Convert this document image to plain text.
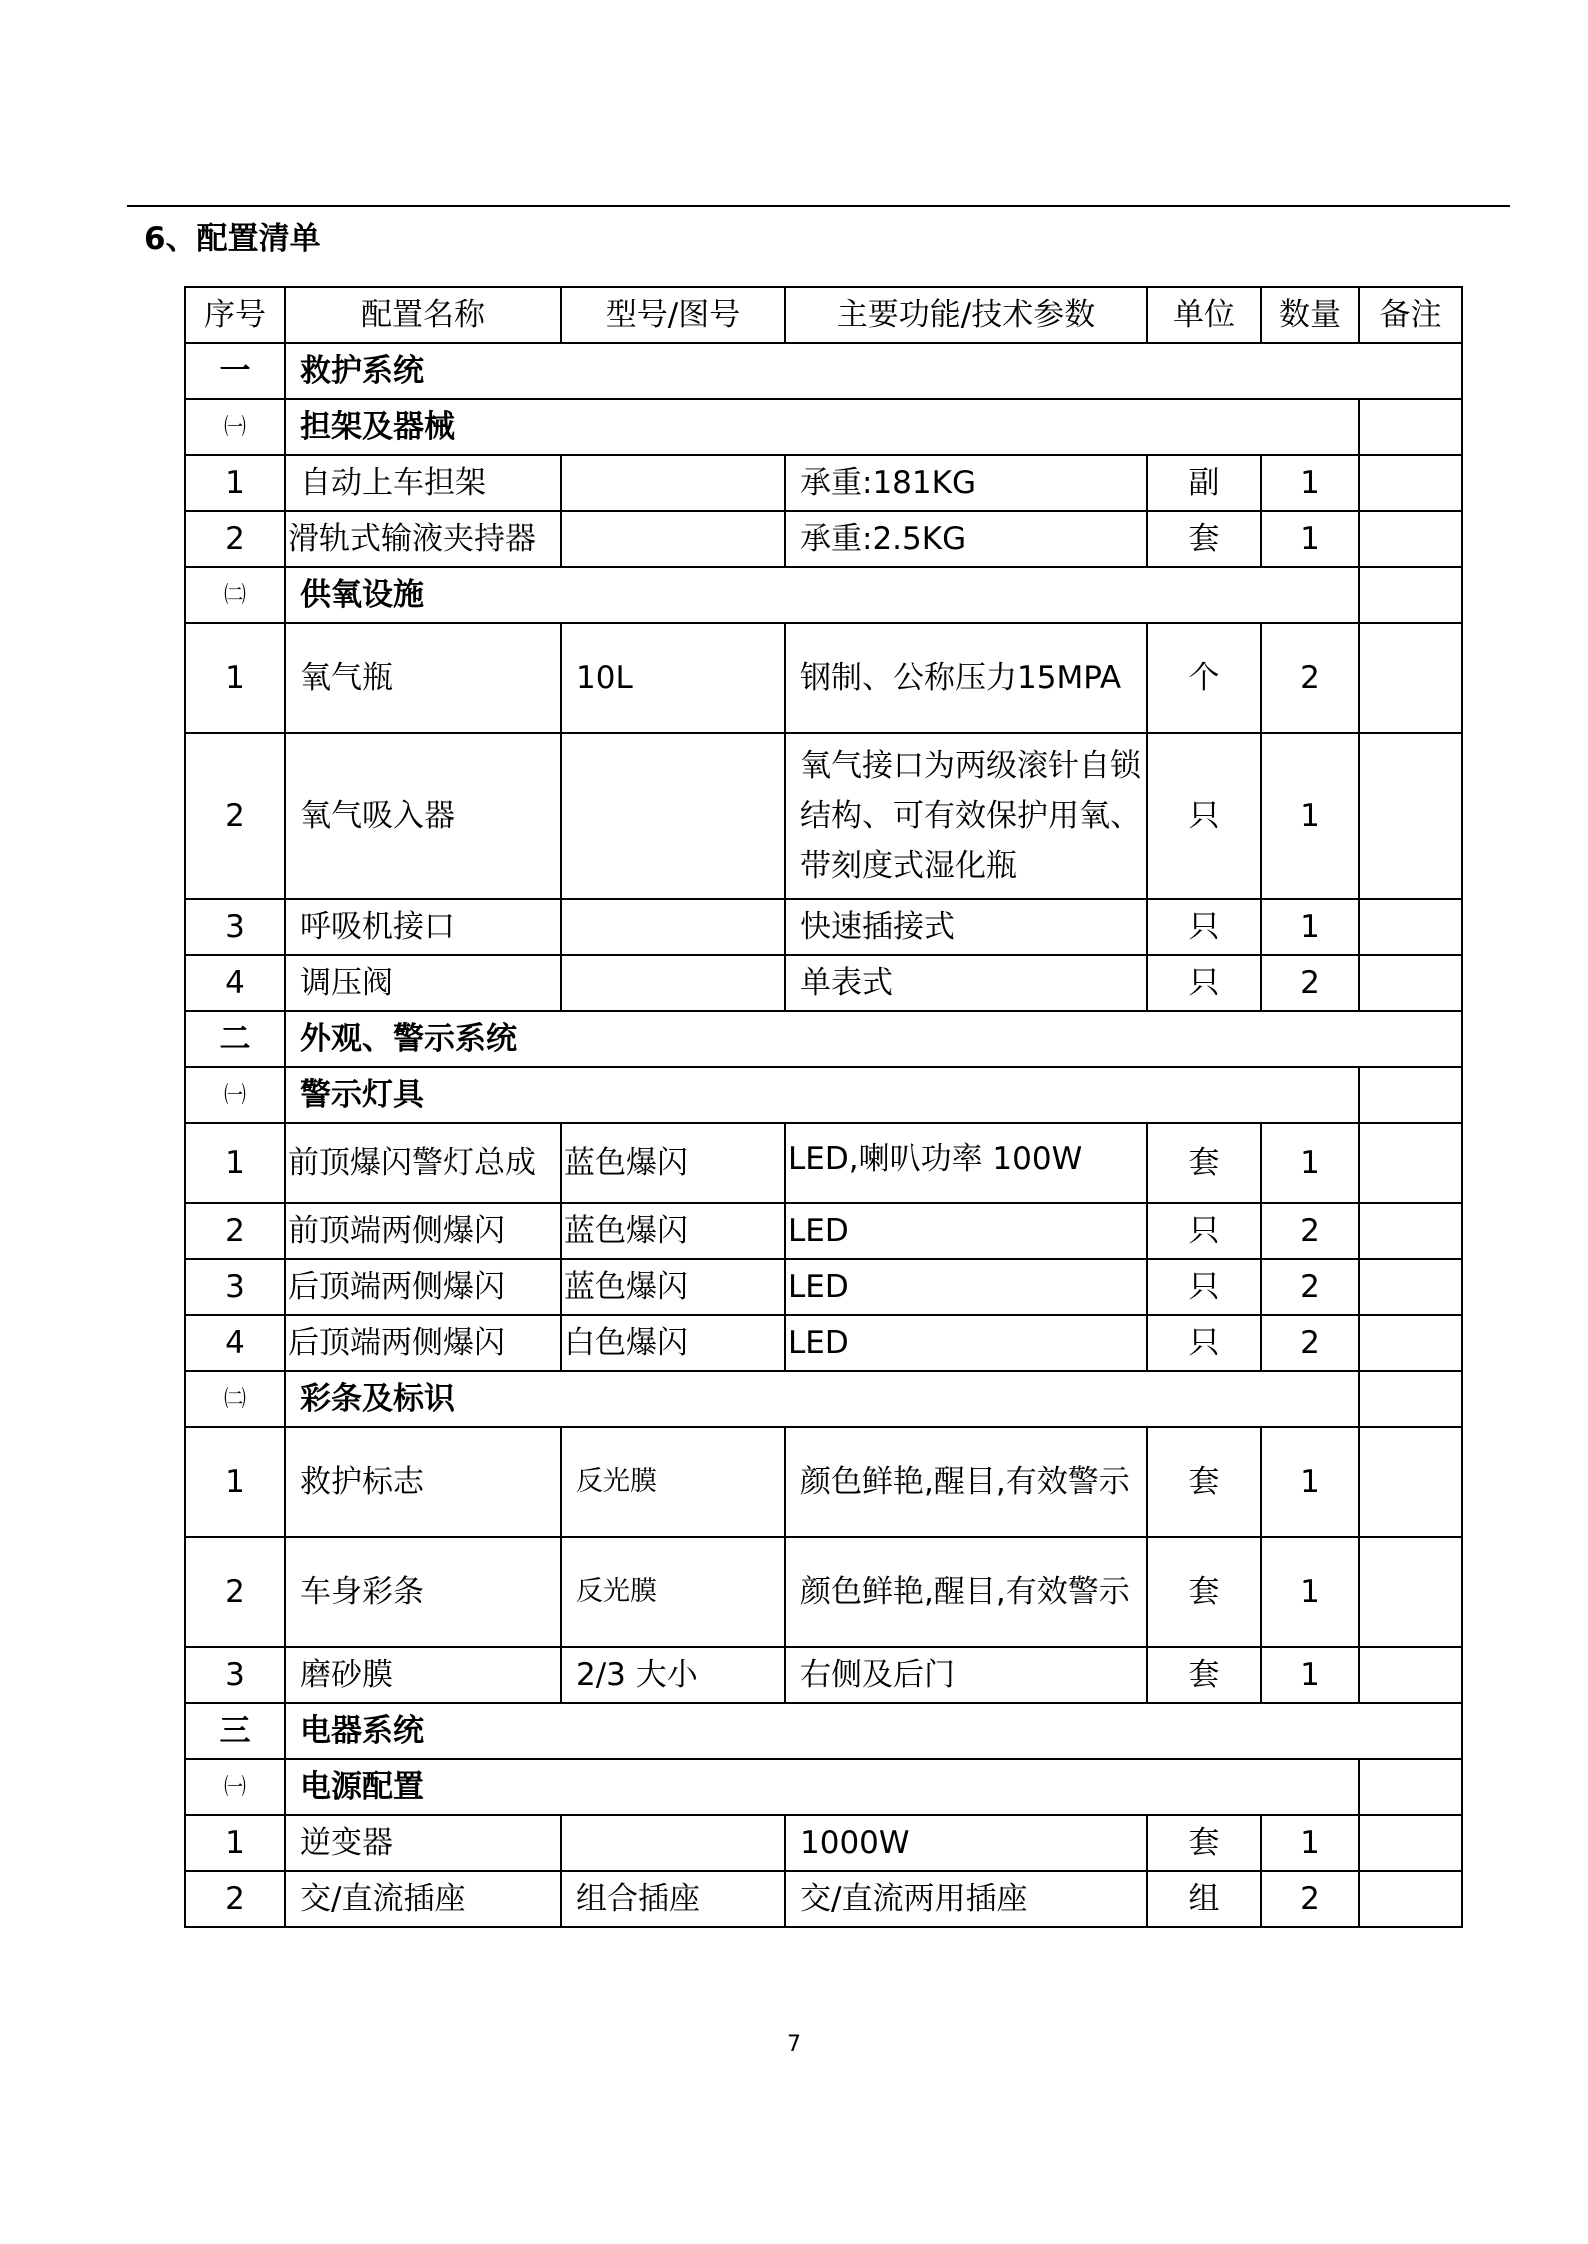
6、配置清单
序号	配置名称	型号/图号	主要功能/技术参数	单位	数量	备注
一	救护系统					
㈠	担架及器械					
1	自动上车担架		承重:181KG	副	1	
2	滑轨式输液夹持器		承重:2.5KG	套	1	
㈡	供氧设施					
1	氧气瓶	10L	钢制、公称压力15MPA	个	2	
2	氧气吸入器		氧气接口为两级滚针自锁结构、可有效保护用氧、带刻度式湿化瓶	只	1	
3	呼吸机接口		快速插接式	只	1	
4	调压阀		单表式	只	2	
二	外观、警示系统					
㈠	警示灯具					
1	前顶爆闪警灯总成	蓝色爆闪	LED,喇叭功率 100W	套	1	
2	前顶端两侧爆闪	蓝色爆闪	LED	只	2	
3	后顶端两侧爆闪	蓝色爆闪	LED	只	2	
4	后顶端两侧爆闪	白色爆闪	LED	只	2	
㈡	彩条及标识					
1	救护标志	反光膜	颜色鲜艳,醒目,有效警示	套	1	
2	车身彩条	反光膜	颜色鲜艳,醒目,有效警示	套	1	
3	磨砂膜	2/3 大小	右侧及后门	套	1	
三	电器系统					
㈠	电源配置					
1	逆变器		1000W	套	1	
2	交/直流插座	组合插座	交/直流两用插座	组	2	
7
